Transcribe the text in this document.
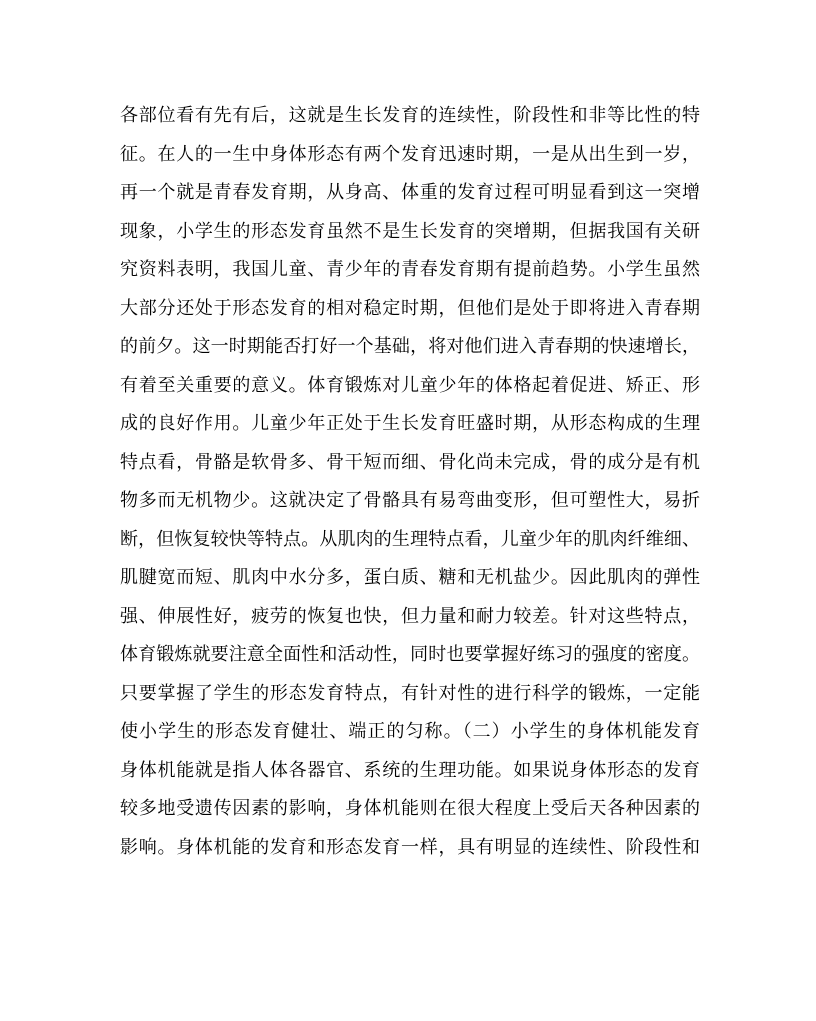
各部位看有先有后，这就是生长发育的连续性，阶段性和非等比性的特
征。在人的一生中身体形态有两个发育迅速时期，一是从出生到一岁，
再一个就是青春发育期，从身高、体重的发育过程可明显看到这一突增
现象，小学生的形态发育虽然不是生长发育的突增期，但据我国有关研
究资料表明，我国儿童、青少年的青春发育期有提前趋势。小学生虽然
大部分还处于形态发育的相对稳定时期，但他们是处于即将进入青春期
的前夕。这一时期能否打好一个基础，将对他们进入青春期的快速增长，
有着至关重要的意义。体育锻炼对儿童少年的体格起着促进、矫正、形
成的良好作用。儿童少年正处于生长发育旺盛时期，从形态构成的生理
特点看，骨骼是软骨多、骨干短而细、骨化尚未完成，骨的成分是有机
物多而无机物少。这就决定了骨骼具有易弯曲变形，但可塑性大，易折
断，但恢复较快等特点。从肌肉的生理特点看，儿童少年的肌肉纤维细、
肌腱宽而短、肌肉中水分多，蛋白质、糖和无机盐少。因此肌肉的弹性
强、伸展性好，疲劳的恢复也快，但力量和耐力较差。针对这些特点，
体育锻炼就要注意全面性和活动性，同时也要掌握好练习的强度的密度。
只要掌握了学生的形态发育特点，有针对性的进行科学的锻炼，一定能
使小学生的形态发育健壮、端正的匀称。（二）小学生的身体机能发育
身体机能就是指人体各器官、系统的生理功能。如果说身体形态的发育
较多地受遗传因素的影响，身体机能则在很大程度上受后天各种因素的
影响。身体机能的发育和形态发育一样，具有明显的连续性、阶段性和
